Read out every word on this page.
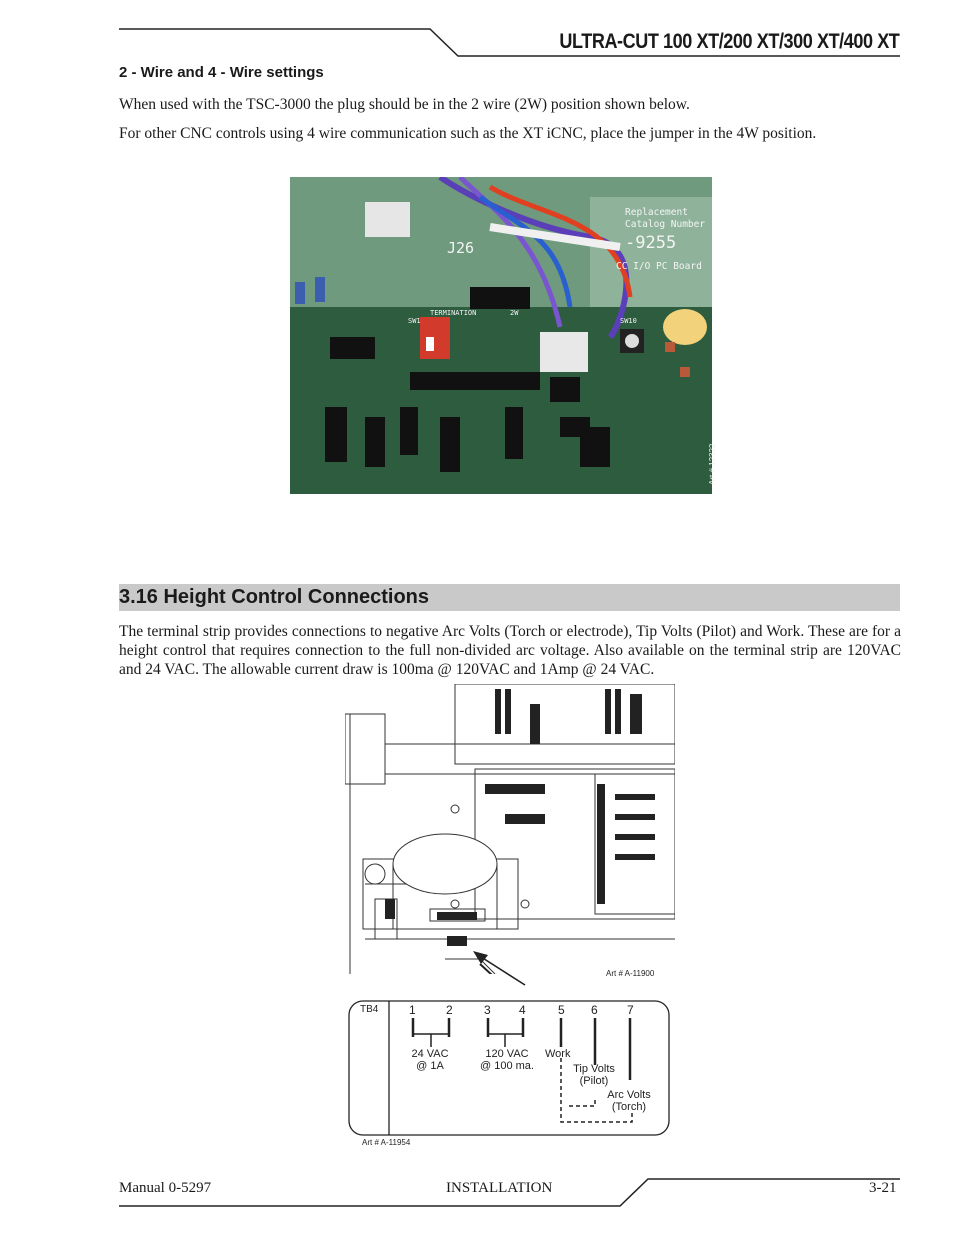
ULTRA-CUT 100 XT/200 XT/300 XT/400 XT
2 - Wire and 4 - Wire settings
When used with the TSC-3000 the plug should be in the 2 wire (2W) position shown below.
For other CNC controls using 4 wire communication such as the XT iCNC, place the jumper in the 4W position.
Replacement
Catalog Number
-9255
CC I/O PC Board
J26
TERMINATION
SW1	SW10
2W
Art # 12322
3.16 Height Control Connections
The terminal strip provides connections to negative Arc Volts (Torch or electrode), Tip Volts (Pilot) and Work. These are for a height control that requires connection to the full non-divided arc voltage. Also available on the terminal strip are 120VAC and 24 VAC. The allowable current draw is 100ma @ 120VAC and 1Amp @ 24 VAC.
Art # A-11900
TB4	1	2	3 4	5 6 7
24 VAC
@ 1A
120 VAC
@ 100 ma.
Work
Tip Volts
(Pilot)
Arc Volts
(Torch)
Art # A-11954
Manual 0-5297	INSTALLATION	3-21
